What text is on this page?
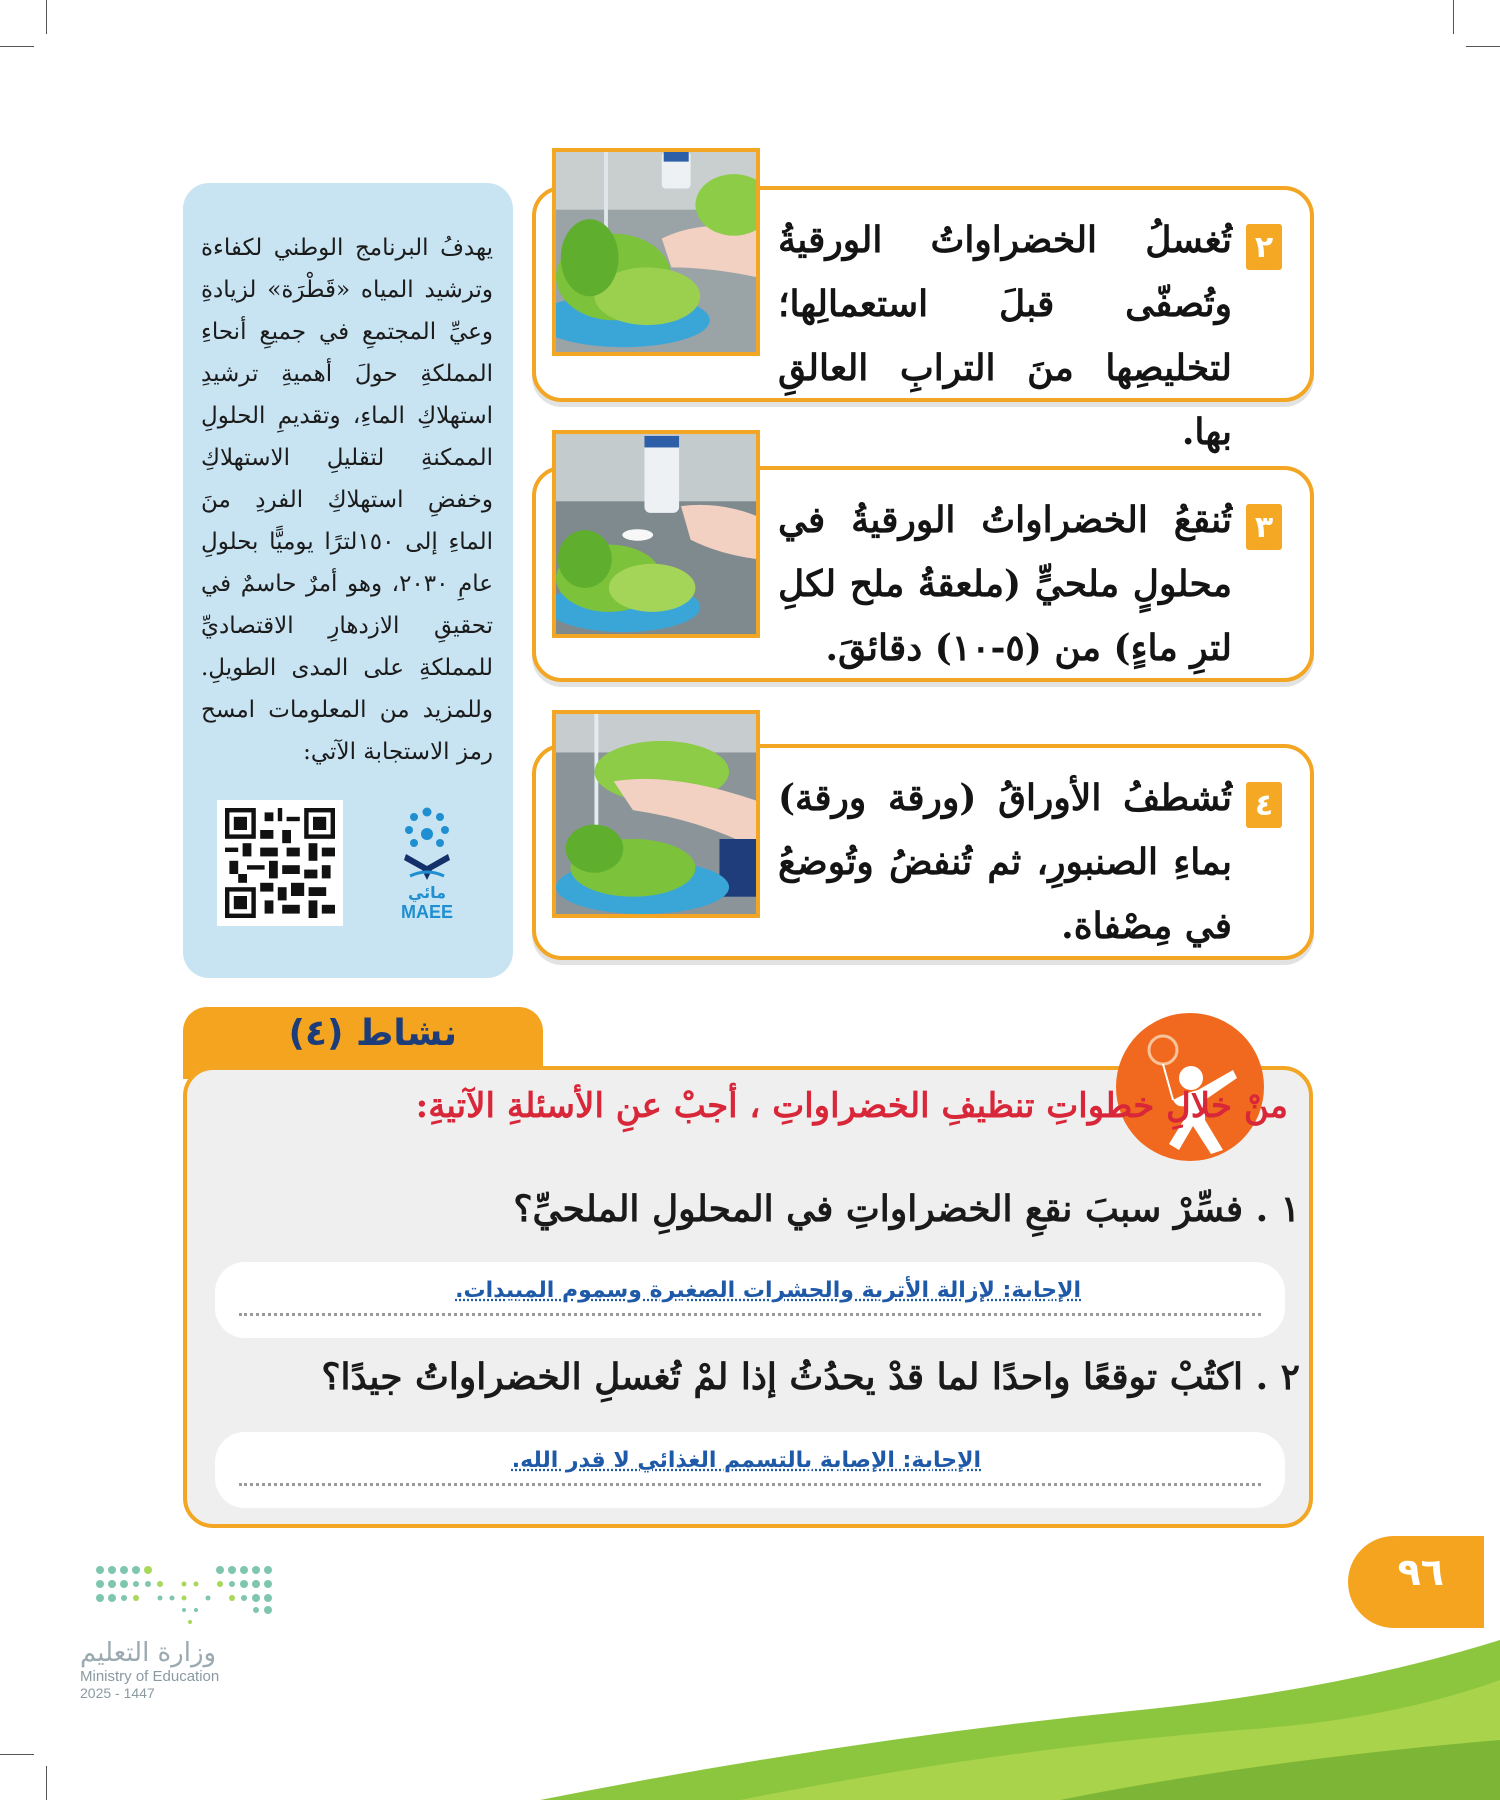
يهدفُ البرنامج الوطني لكفاءة وترشيد المياه «قَطْرَة» لزيادةِ وعيِّ المجتمعِ في جميعِ أنحاءِ المملكةِ حولَ أهميةِ ترشيدِ استهلاكِ الماءِ، وتقديمِ الحلولِ الممكنةِ لتقليلِ الاستهلاكِ وخفضِ استهلاكِ الفردِ منَ الماءِ إلى ١٥٠لترًا يوميًّا بحلولِ عامِ ٢٠٣٠، وهو أمرٌ حاسمٌ في تحقيقِ الازدهارِ الاقتصاديِّ للمملكةِ على المدى الطويلِ. وللمزيد من المعلومات امسح رمز الاستجابة الآتي:

مائي
MAEE
٢

تُغسلُ الخضراواتُ الورقيةُ وتُصفّى قبلَ استعمالِها؛ لتخليصِها منَ الترابِ العالقِ بها.

٣

تُنقعُ الخضراواتُ الورقيةُ في محلولٍ ملحيٍّ (ملعقةُ ملح لكلِ لترِ ماءٍ) من (٥-١٠) دقائقَ.

٤

تُشطفُ الأوراقُ (ورقة ورقة) بماءِ الصنبورِ، ثم تُنفضُ وتُوضعُ في مِصْفاة.

نشاط (٤)
منْ خلالِ خطواتِ تنظيفِ الخضراواتِ ، أجبْ عنِ الأسئلةِ الآتيةِ:
١ . فسِّرْ سببَ نقعِ الخضراواتِ في المحلولِ الملحيِّ؟
الإجابة: لإزالة الأتربة والحشرات الصغيرة وسموم المبيدات.
٢ . اكتُبْ توقعًا واحدًا لما قدْ يحدُثُ إذا لمْ تُغسلِ الخضراواتُ جيدًا؟
الإجابة: الإصابة بالتسمم الغذائي لا قدر الله.
٩٦
وزارة التعليم
Ministry of Education
2025 - 1447
